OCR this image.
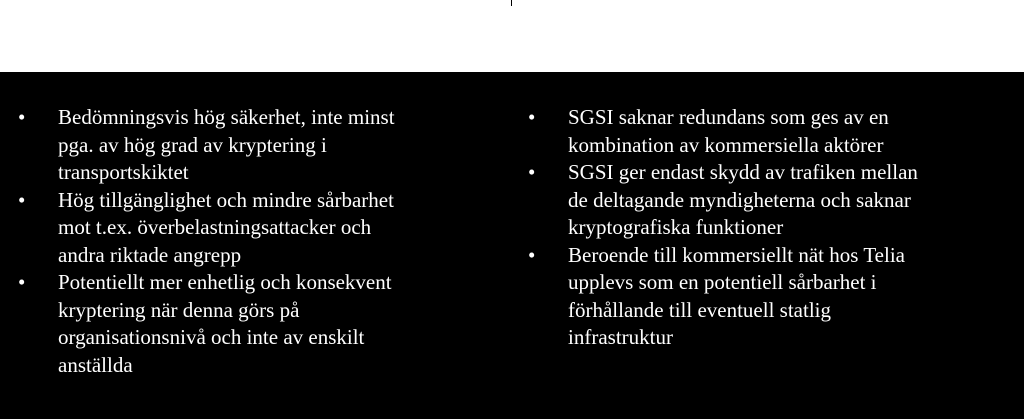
•	Bedömningsvis hög säkerhet, inte minst
pga. av hög grad av kryptering i
transportskiktet
•	Hög tillgänglighet och mindre sårbarhet
mot t.ex. överbelastningsattacker och
andra riktade angrepp
•	Potentiellt mer enhetlig och konsekvent
kryptering när denna görs på
organisationsnivå och inte av enskilt
anställda
•	SGSI saknar redundans som ges av en
kombination av kommersiella aktörer
•	SGSI ger endast skydd av trafiken mellan
de deltagande myndigheterna och saknar
kryptografiska funktioner
•	Beroende till kommersiellt nät hos Telia
upplevs som en potentiell sårbarhet i
förhållande till eventuell statlig
infrastruktur
